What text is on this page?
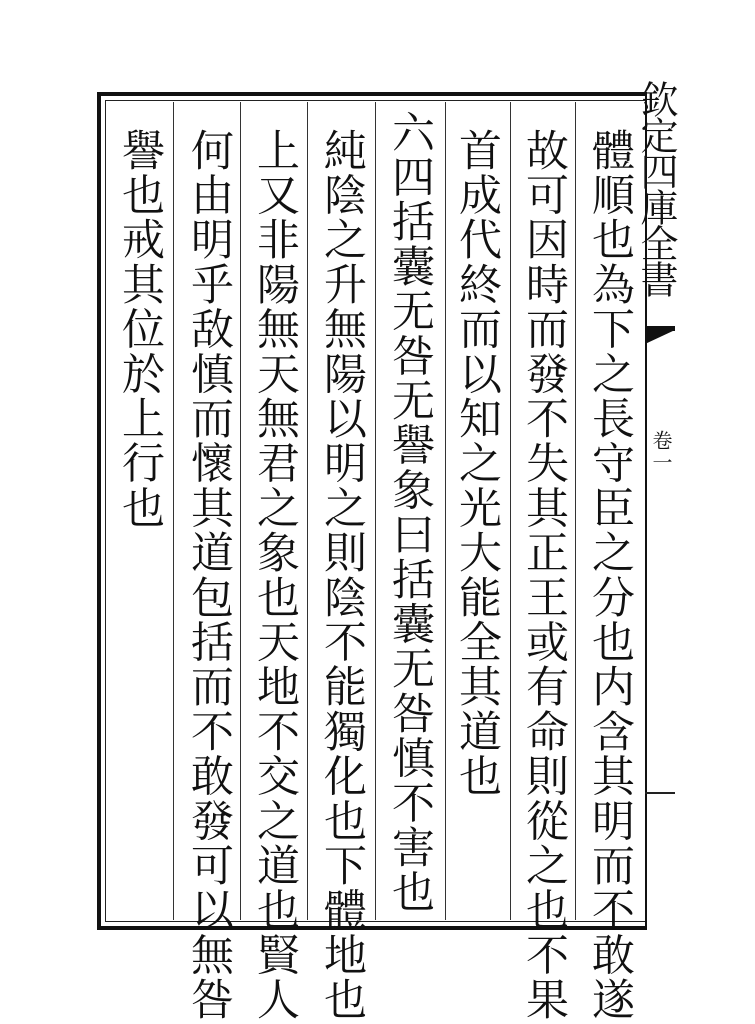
欽定四庫全書
卷一
體順也為下之長守臣之分也内含其明而不敢遂
故可因時而發不失其正王或有命則從之也不果
首成代終而以知之光大能全其道也
六四括囊无咎无譽象曰括囊无咎慎不害也
純陰之升無陽以明之則陰不能獨化也下體地也
上又非陽無天無君之象也天地不交之道也賢人
何由明乎敌慎而懷其道包括而不敢發可以無咎
譽也戒其位於上行也
